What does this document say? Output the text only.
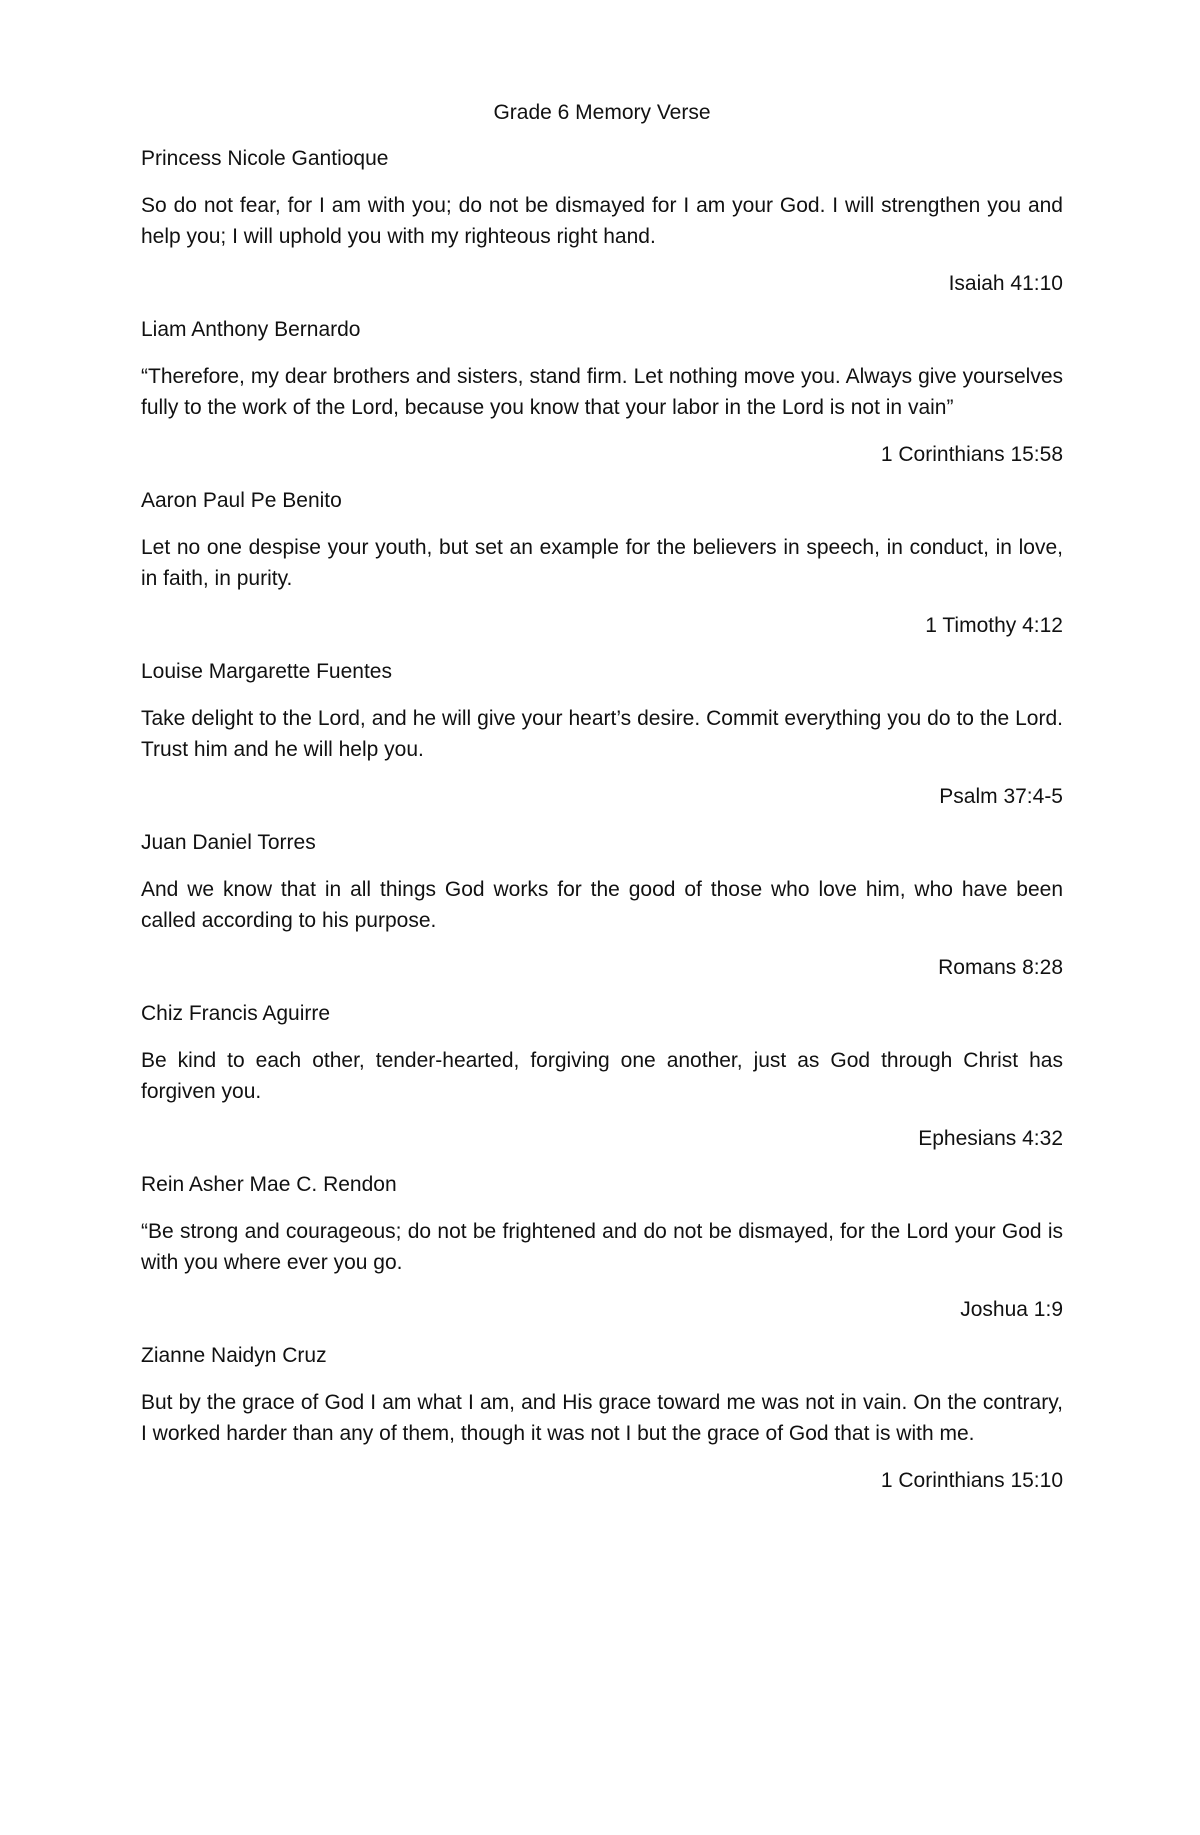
Grade 6 Memory Verse
Princess Nicole Gantioque
So do not fear, for I am with you; do not be dismayed for I am your God. I will strengthen you and help you; I will uphold you with my righteous right hand.
Isaiah 41:10
Liam Anthony Bernardo
“Therefore, my dear brothers and sisters, stand firm. Let nothing move you. Always give yourselves fully to the work of the Lord, because you know that your labor in the Lord is not in vain”
1 Corinthians 15:58
Aaron Paul Pe Benito
Let no one despise your youth, but set an example for the believers in speech, in conduct, in love, in faith, in purity.
1 Timothy 4:12
Louise Margarette Fuentes
Take delight to the Lord, and he will give your heart’s desire. Commit everything you do to the Lord. Trust him and he will help you.
Psalm 37:4-5
Juan Daniel Torres
And we know that in all things God works for the good of those who love him, who have been called according to his purpose.
Romans 8:28
Chiz Francis Aguirre
Be kind to each other, tender-hearted, forgiving one another, just as God through Christ has forgiven you.
Ephesians 4:32
Rein Asher Mae C. Rendon
“Be strong and courageous; do not be frightened and do not be dismayed, for the Lord your God is with you where ever you go.
Joshua 1:9
Zianne Naidyn Cruz
But by the grace of God I am what I am, and His grace toward me was not in vain. On the contrary, I worked harder than any of them, though it was not I but the grace of God that is with me.
1 Corinthians 15:10
